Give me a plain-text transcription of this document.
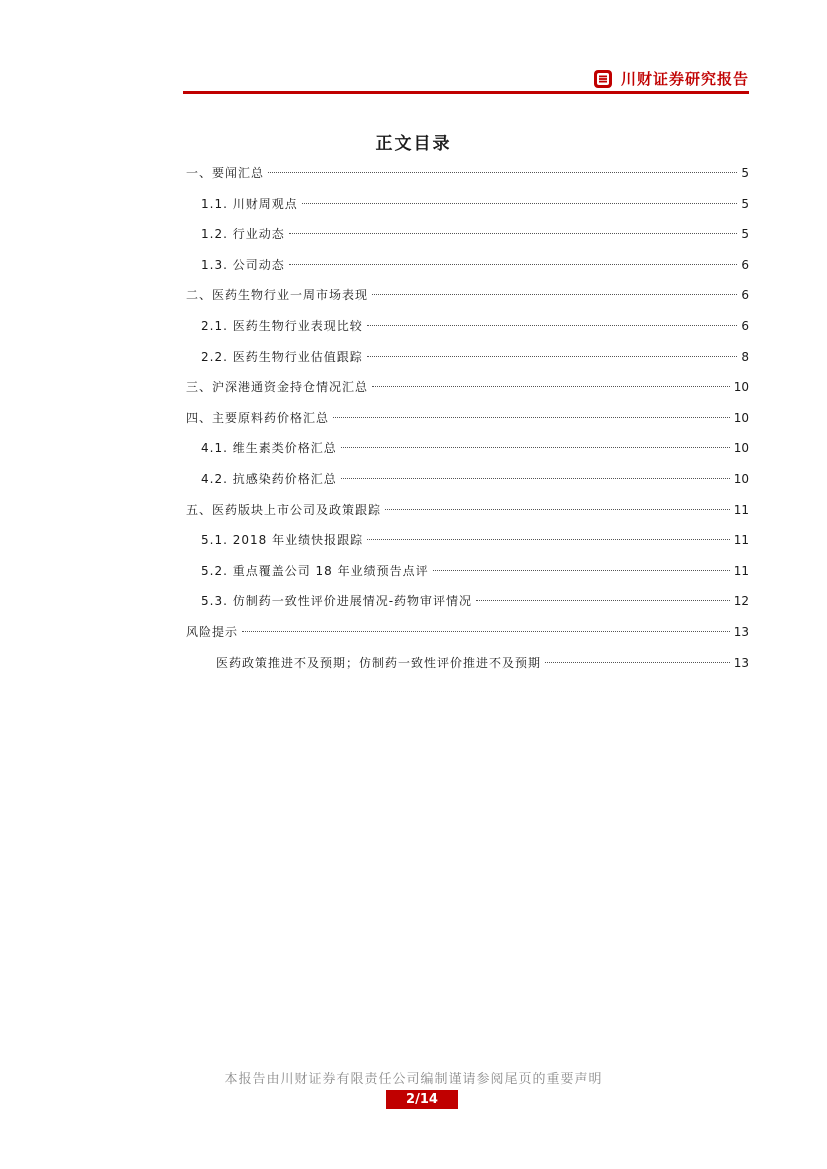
川财证券研究报告
正文目录
一、要闻汇总	5
1.1. 川财周观点	5
1.2. 行业动态	5
1.3. 公司动态	6
二、医药生物行业一周市场表现	6
2.1. 医药生物行业表现比较	6
2.2. 医药生物行业估值跟踪	8
三、沪深港通资金持仓情况汇总	10
四、主要原料药价格汇总	10
4.1. 维生素类价格汇总	10
4.2. 抗感染药价格汇总	10
五、医药版块上市公司及政策跟踪	11
5.1. 2018 年业绩快报跟踪	11
5.2. 重点覆盖公司 18 年业绩预告点评	11
5.3. 仿制药一致性评价进展情况-药物审评情况	12
风险提示	13
医药政策推进不及预期；仿制药一致性评价推进不及预期	13
本报告由川财证券有限责任公司编制谨请参阅尾页的重要声明
2/14
